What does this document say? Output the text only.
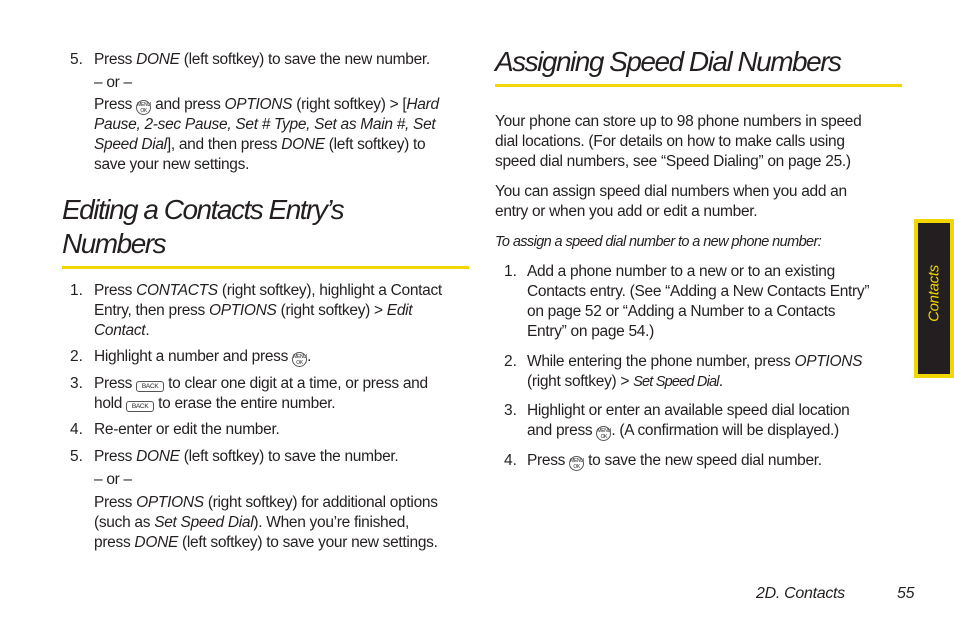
5. Press DONE (left softkey) to save the new number.
– or –
Press MENU
OK and press OPTIONS (right softkey) > [Hard
Pause, 2-sec Pause, Set # Type, Set as Main #, Set
Speed Dial], and then press DONE (left softkey) to
save your new settings.
Editing a Contacts Entry’s
Numbers
1. Press CONTACTS (right softkey), highlight a Contact
Entry, then press OPTIONS (right softkey) > Edit
Contact.
2. Highlight a number and press MENU
OK .
3. Press BACK to clear one digit at a time, or press and
hold BACK to erase the entire number.
4. Re-enter or edit the number.
5. Press DONE (left softkey) to save the number.
– or –
Press OPTIONS (right softkey) for additional options
(such as Set Speed Dial). When you’re finished,
press DONE (left softkey) to save your new settings.
Assigning Speed Dial Numbers
Your phone can store up to 98 phone numbers in speed
dial locations. (For details on how to make calls using
speed dial numbers, see “Speed Dialing” on page 25.)
You can assign speed dial numbers when you add an
entry or when you add or edit a number.
To assign a speed dial number to a new phone number:
1. Add a phone number to a new or to an existing
Contacts entry. (See “Adding a New Contacts Entry”
on page 52 or “Adding a Number to a Contacts
Entry” on page 54.)
2. While entering the phone number, press OPTIONS
(right softkey) > Set Speed Dial.
3. Highlight or enter an available speed dial location
and press MENU
OK . (A confirmation will be displayed.)
4. Press MENU
OK to save the new speed dial number.
Contacts
2D. Contacts	55
